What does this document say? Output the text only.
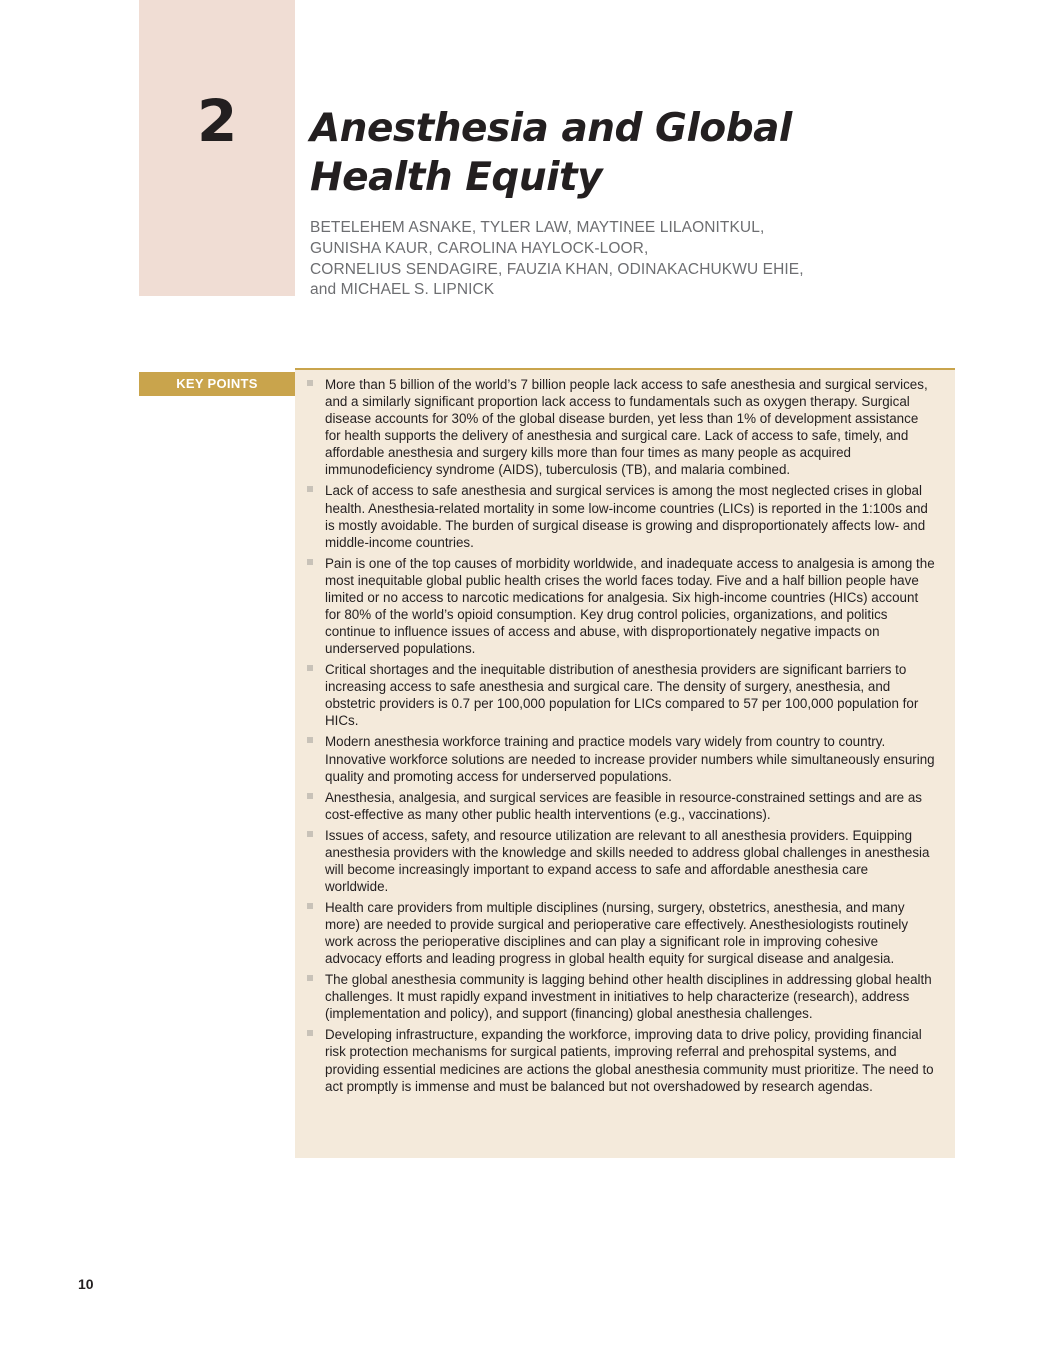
2 Anesthesia and Global
Health Equity
BETELEHEM ASNAKE, TYLER LAW, MAYTINEE LILAONITKUL,
GUNISHA KAUR, CAROLINA HAYLOCK-LOOR,
CORNELIUS SENDAGIRE, FAUZIA KHAN, ODINAKACHUKWU EHIE,
and MICHAEL S. LIPNICK
KEY POINTS	More than 5 billion of the world’s 7 billion people lack access to safe anesthesia and surgical services, and a similarly significant proportion lack access to fundamentals such as oxygen therapy. Surgical disease accounts for 30% of the global disease burden, yet less than 1% of development assistance for health supports the delivery of anesthesia and surgical care. Lack of access to safe, timely, and affordable anesthesia and surgery kills more than four times as many people as acquired immunodeficiency syndrome (AIDS), tuberculosis (TB), and malaria combined.
Lack of access to safe anesthesia and surgical services is among the most neglected crises in global health. Anesthesia-related mortality in some low-income countries (LICs) is reported in the 1:100s and is mostly avoidable. The burden of surgical disease is growing and disproportionately affects low- and middle-income countries.
Pain is one of the top causes of morbidity worldwide, and inadequate access to analgesia is among the most inequitable global public health crises the world faces today. Five and a half billion people have limited or no access to narcotic medications for analgesia. Six high-income countries (HICs) account for 80% of the world’s opioid consumption. Key drug control policies, organizations, and politics continue to influence issues of access and abuse, with disproportionately negative impacts on underserved populations.
Critical shortages and the inequitable distribution of anesthesia providers are significant barriers to increasing access to safe anesthesia and surgical care. The density of surgery, anesthesia, and obstetric providers is 0.7 per 100,000 population for LICs compared to 57 per 100,000 population for HICs.
Modern anesthesia workforce training and practice models vary widely from country to country. Innovative workforce solutions are needed to increase provider numbers while simultaneously ensuring quality and promoting access for underserved populations.
Anesthesia, analgesia, and surgical services are feasible in resource-constrained settings and are as cost-effective as many other public health interventions (e.g., vaccinations).
Issues of access, safety, and resource utilization are relevant to all anesthesia providers. Equipping anesthesia providers with the knowledge and skills needed to address global challenges in anesthesia will become increasingly important to expand access to safe and affordable anesthesia care worldwide.
Health care providers from multiple disciplines (nursing, surgery, obstetrics, anesthesia, and many more) are needed to provide surgical and perioperative care effectively. Anesthesiologists routinely work across the perioperative disciplines and can play a significant role in improving cohesive advocacy efforts and leading progress in global health equity for surgical disease and analgesia.
The global anesthesia community is lagging behind other health disciplines in addressing global health challenges. It must rapidly expand investment in initiatives to help characterize (research), address (implementation and policy), and support (financing) global anesthesia challenges.
Developing infrastructure, expanding the workforce, improving data to drive policy, providing financial risk protection mechanisms for surgical patients, improving referral and prehospital systems, and providing essential medicines are actions the global anesthesia community must prioritize. The need to act promptly is immense and must be balanced but not overshadowed by research agendas.
10
